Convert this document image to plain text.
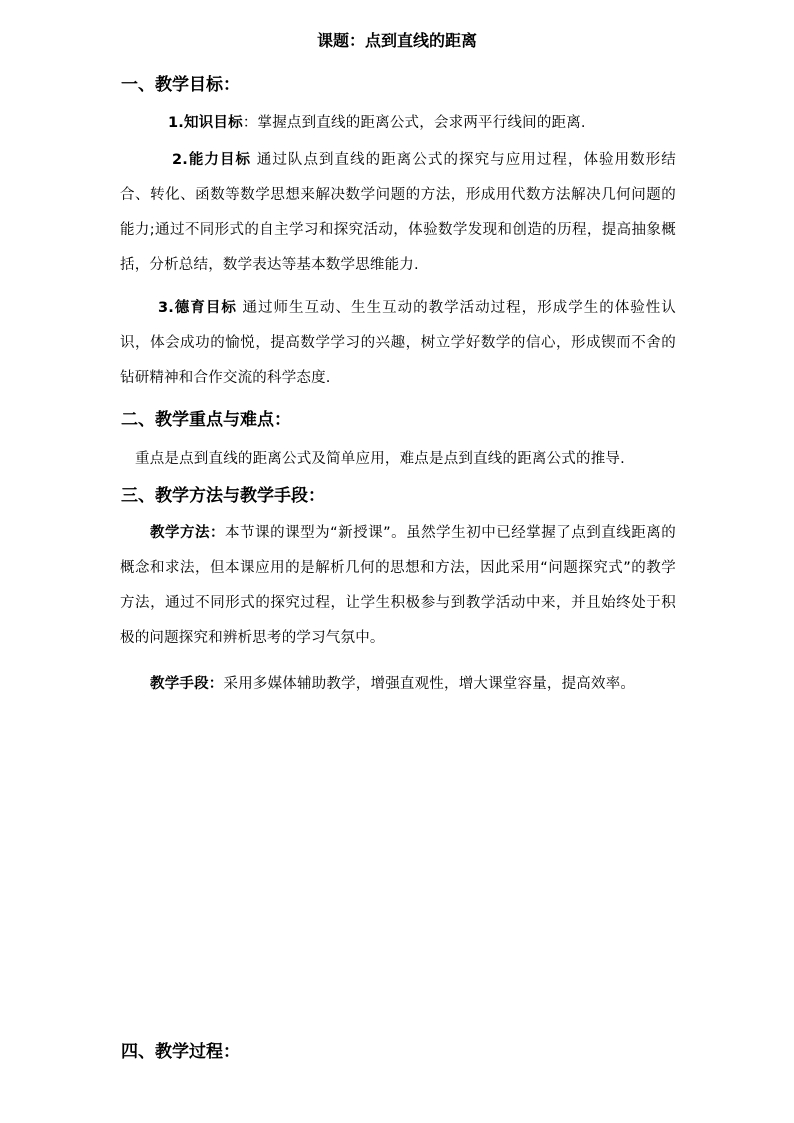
课题：点到直线的距离
一、教学目标：
1.知识目标：掌握点到直线的距离公式，会求两平行线间的距离.
2.能力目标 通过队点到直线的距离公式的探究与应用过程，体验用数形结合、转化、函数等数学思想来解决数学问题的方法，形成用代数方法解决几何问题的能力;通过不同形式的自主学习和探究活动，体验数学发现和创造的历程，提高抽象概括，分析总结，数学表达等基本数学思维能力.
3.德育目标 通过师生互动、生生互动的教学活动过程，形成学生的体验性认识，体会成功的愉悦，提高数学学习的兴趣，树立学好数学的信心，形成锲而不舍的钻研精神和合作交流的科学态度.
二、教学重点与难点：
重点是点到直线的距离公式及简单应用，难点是点到直线的距离公式的推导.
三、教学方法与教学手段：
教学方法：本节课的课型为“新授课”。虽然学生初中已经掌握了点到直线距离的概念和求法，但本课应用的是解析几何的思想和方法，因此采用“问题探究式”的教学方法，通过不同形式的探究过程，让学生积极参与到教学活动中来，并且始终处于积极的问题探究和辨析思考的学习气氛中。
教学手段：采用多媒体辅助教学，增强直观性，增大课堂容量，提高效率。
四、教学过程：
